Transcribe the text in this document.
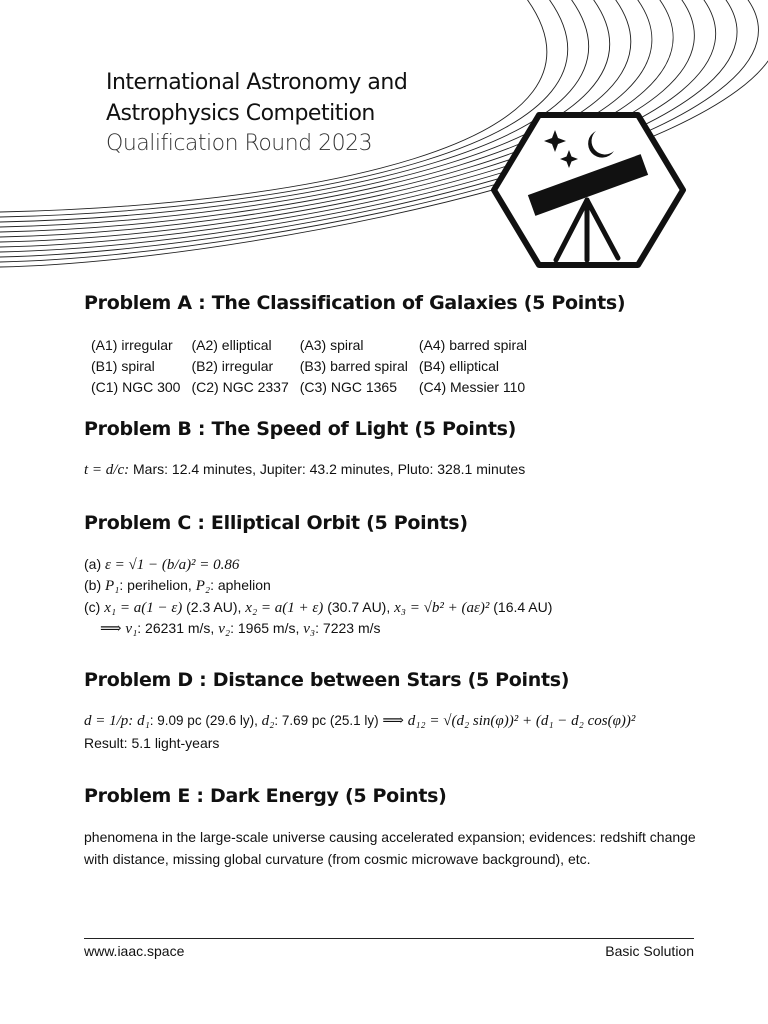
International Astronomy and
Astrophysics Competition
Qualification Round 2023
Problem A : The Classification of Galaxies (5 Points)
(A1) irregular	(A2) elliptical	(A3) spiral	(A4) barred spiral
(B1) spiral	(B2) irregular	(B3) barred spiral	(B4) elliptical
(C1) NGC 300	(C2) NGC 2337	(C3) NGC 1365	(C4) Messier 110
Problem B : The Speed of Light (5 Points)
t = d/c: Mars: 12.4 minutes, Jupiter: 43.2 minutes, Pluto: 328.1 minutes
Problem C : Elliptical Orbit (5 Points)
(a) ε = √1 − (b/a)² = 0.86
(b) P₁: perihelion, P₂: aphelion
(c) x₁ = a(1 − ε) (2.3 AU), x₂ = a(1 + ε) (30.7 AU), x₃ = √b² + (aε)² (16.4 AU)
⟹ v₁: 26231 m/s, v₂: 1965 m/s, v₃: 7223 m/s
Problem D : Distance between Stars (5 Points)
d = 1/p: d₁: 9.09 pc (29.6 ly), d₂: 7.69 pc (25.1 ly) ⟹ d₁₂ = √(d₂ sin(φ))² + (d₁ − d₂ cos(φ))²
Result: 5.1 light-years
Problem E : Dark Energy (5 Points)
phenomena in the large-scale universe causing accelerated expansion; evidences: redshift change with distance, missing global curvature (from cosmic microwave background), etc.
www.iaac.space	Basic Solution
